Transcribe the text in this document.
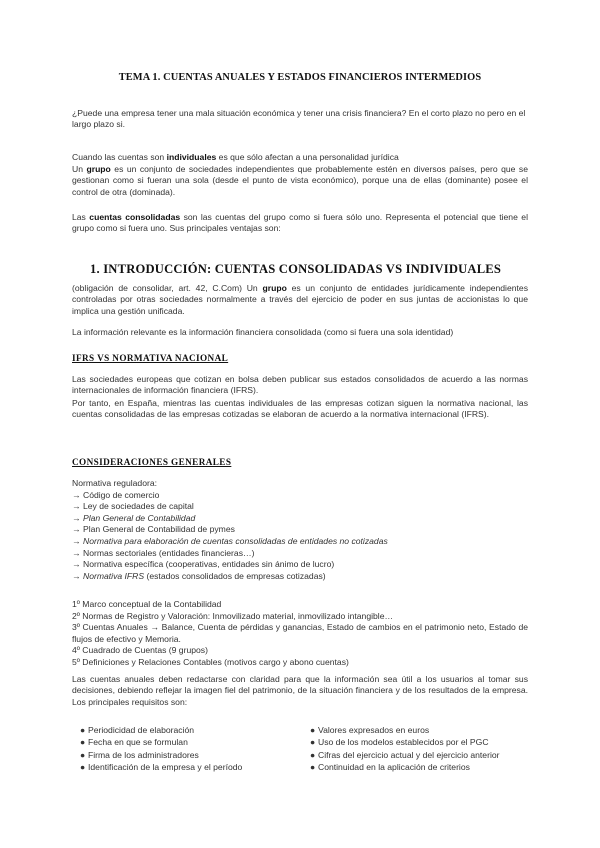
TEMA 1. CUENTAS ANUALES Y ESTADOS FINANCIEROS INTERMEDIOS
¿Puede una empresa tener una mala situación económica y tener una crisis financiera? En el corto plazo no pero en el largo plazo si.
Cuando las cuentas son individuales es que sólo afectan a una personalidad jurídica
Un grupo es un conjunto de sociedades independientes que probablemente estén en diversos países, pero que se gestionan como si fueran una sola (desde el punto de vista económico), porque una de ellas (dominante) posee el control de otra (dominada).
Las cuentas consolidadas son las cuentas del grupo como si fuera sólo uno. Representa el potencial que tiene el grupo como si fuera uno. Sus principales ventajas son:
1. INTRODUCCIÓN: CUENTAS CONSOLIDADAS VS INDIVIDUALES
(obligación de consolidar, art. 42, C.Com) Un grupo es un conjunto de entidades jurídicamente independientes controladas por otras sociedades normalmente a través del ejercicio de poder en sus juntas de accionistas lo que implica una gestión unificada.
La información relevante es la información financiera consolidada (como si fuera una sola identidad)
IFRS VS NORMATIVA NACIONAL
Las sociedades europeas que cotizan en bolsa deben publicar sus estados consolidados de acuerdo a las normas internacionales de información financiera (IFRS).
Por tanto, en España, mientras las cuentas individuales de las empresas cotizan siguen la normativa nacional, las cuentas consolidadas de las empresas cotizadas se elaboran de acuerdo a la normativa internacional (IFRS).
CONSIDERACIONES GENERALES
Normativa reguladora:
→ Código de comercio
→ Ley de sociedades de capital
→ Plan General de Contabilidad
→ Plan General de Contabilidad de pymes
→ Normativa para elaboración de cuentas consolidadas de entidades no cotizadas
→ Normas sectoriales (entidades financieras…)
→ Normativa específica (cooperativas, entidades sin ánimo de lucro)
→ Normativa IFRS (estados consolidados de empresas cotizadas)
1º Marco conceptual de la Contabilidad
2º Normas de Registro y Valoración: Inmovilizado material, inmovilizado intangible…
3º Cuentas Anuales → Balance, Cuenta de pérdidas y ganancias, Estado de cambios en el patrimonio neto, Estado de flujos de efectivo y Memoria.
4º Cuadrado de Cuentas (9 grupos)
5º Definiciones y Relaciones Contables (motivos cargo y abono cuentas)
Las cuentas anuales deben redactarse con claridad para que la información sea útil a los usuarios al tomar sus decisiones, debiendo reflejar la imagen fiel del patrimonio, de la situación financiera y de los resultados de la empresa. Los principales requisitos son:
● Periodicidad de elaboración
● Fecha en que se formulan
● Firma de los administradores
● Identificación de la empresa y el período
● Valores expresados en euros
● Uso de los modelos establecidos por el PGC
● Cifras del ejercicio actual y del ejercicio anterior
● Continuidad en la aplicación de criterios
